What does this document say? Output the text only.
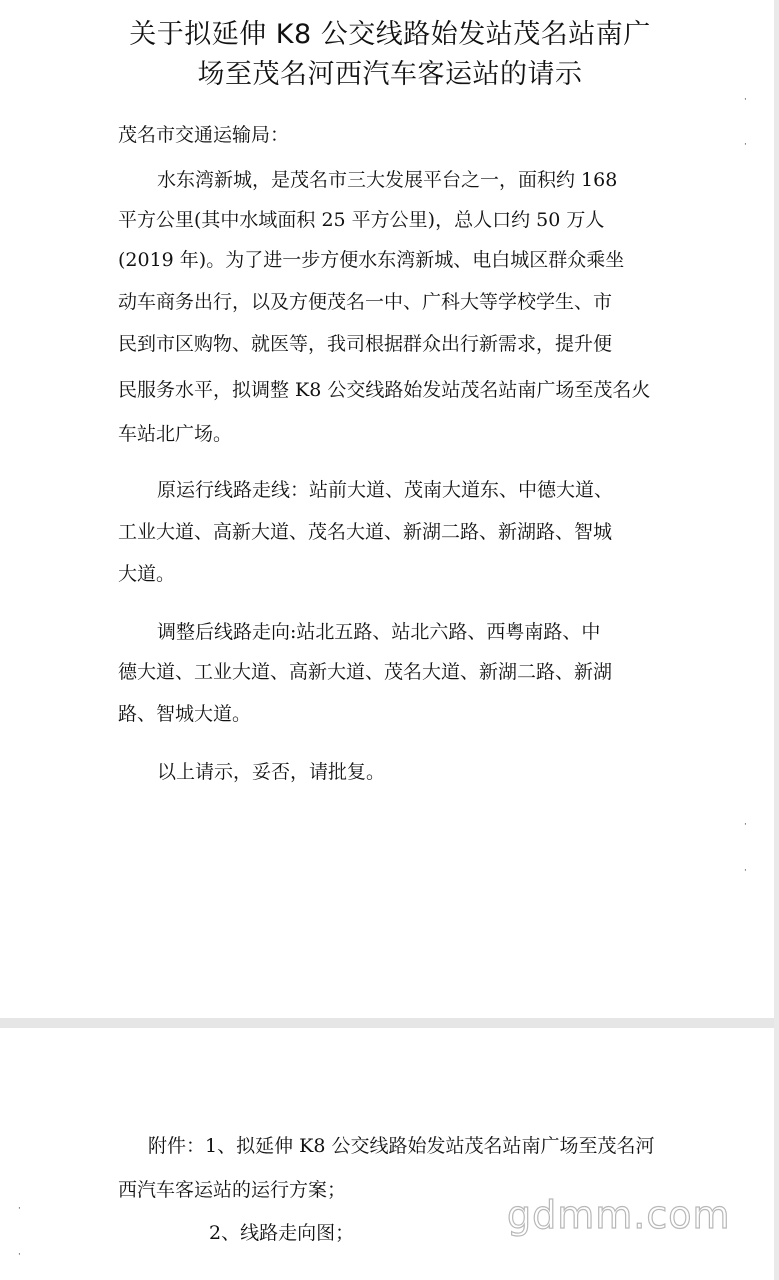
关于拟延伸 K8 公交线路始发站茂名站南广
场至茂名河西汽车客运站的请示

茂名市交通运输局：

水东湾新城，是茂名市三大发展平台之一，面积约 168

平方公里(其中水域面积 25 平方公里)，总人口约 50 万人

(2019 年)。为了进一步方便水东湾新城、电白城区群众乘坐

动车商务出行，以及方便茂名一中、广科大等学校学生、市

民到市区购物、就医等，我司根据群众出行新需求，提升便

民服务水平，拟调整 K8 公交线路始发站茂名站南广场至茂名火

车站北广场。

原运行线路走线：站前大道、茂南大道东、中德大道、

工业大道、高新大道、茂名大道、新湖二路、新湖路、智城

大道。

调整后线路走向:站北五路、站北六路、西粤南路、中

德大道、工业大道、高新大道、茂名大道、新湖二路、新湖

路、智城大道。

以上请示，妥否，请批复。

·
·
·
·

附件：1、拟延伸 K8 公交线路始发站茂名站南广场至茂名河

西汽车客运站的运行方案；

2、线路走向图；

·
·
gdmm.com
